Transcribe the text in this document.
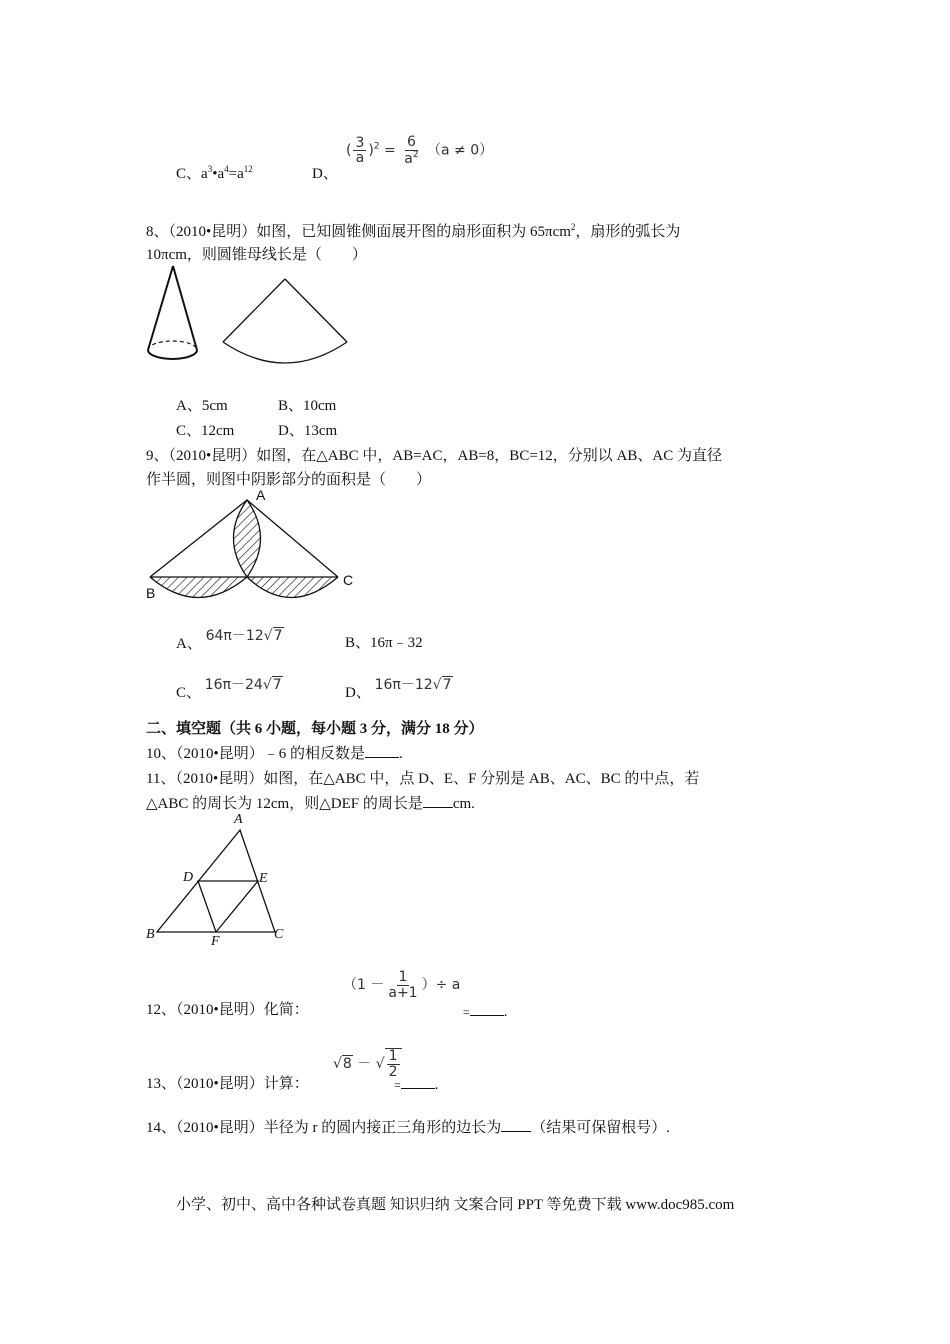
C、$a^3•a^4=a^{12}$	D、
( $\frac{3}{a} )^2 = \frac{6}{a^2} (a \ne 0)$
8、（2010•昆明）如图，已知圆锥侧面展开图的扇形面积为 65πcm$^2$，扇形的弧长为
10πcm，则圆锥母线长是（　　）
A、5cm	B、10cm
C、12cm	D、13cm
9、（2010•昆明）如图，在△ABC 中，AB=AC，AB=8，BC=12，分别以 AB、AC 为直径
作半圆，则图中阴影部分的面积是（　　）
A
B
C
A、 64π－12√7	B、16π﹣32
C、 16π－24√7	D、 16π－12√7
二、填空题（共 6 小题，每小题 3 分，满分 18 分）
10、（2010•昆明）﹣6 的相反数是 .
11、（2010•昆明）如图，在△ABC 中，点 D、E、F 分别是 AB、AC、BC 的中点，若
△ABC 的周长为 12cm，则△DEF 的周长是 cm.
A
B	C
D	E
F
12、（2010•昆明）化简：
（$1 - \frac{1}{a+1}$ ）÷ a
= .
13、（2010•昆明）计算：
√8 － √ $\frac{1}{2}$
= .
14、（2010•昆明）半径为 r 的圆内接正三角形的边长为 （结果可保留根号）.
小学、初中、高中各种试卷真题 知识归纳 文案合同 PPT 等免费下载 www.doc985.com
